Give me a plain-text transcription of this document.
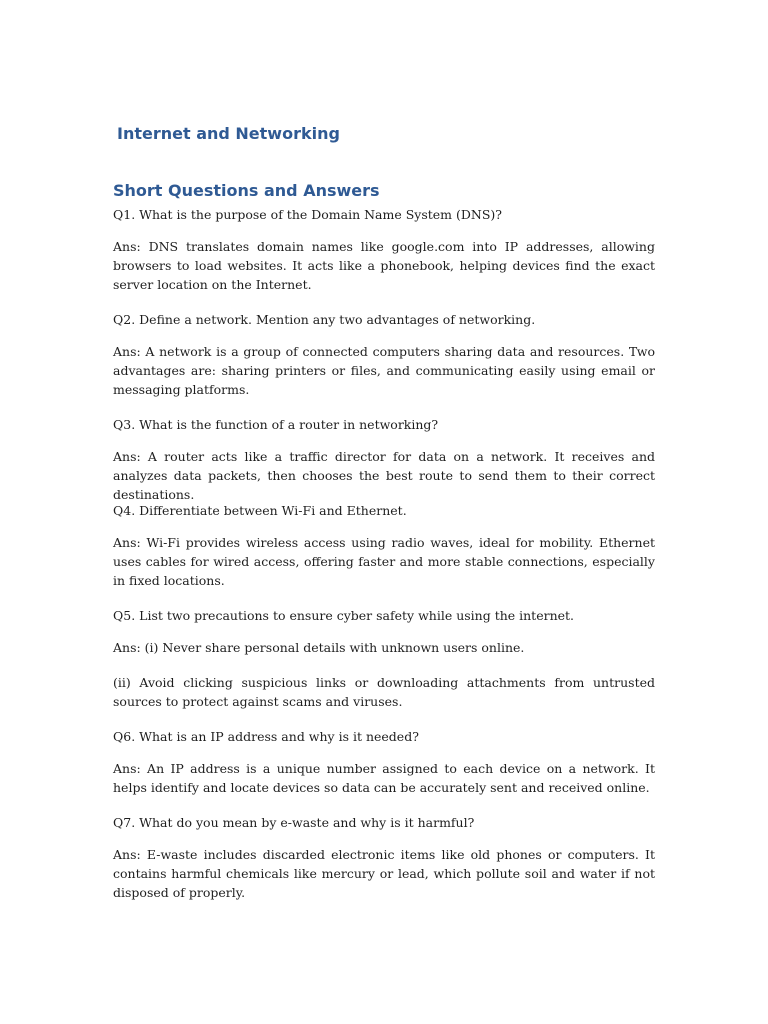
Internet and Networking
Short Questions and Answers

Q1. What is the purpose of the Domain Name System (DNS)?

Ans: DNS translates domain names like google.com into IP addresses, allowing browsers to load websites. It acts like a phonebook, helping devices find the exact server location on the Internet.

Q2. Define a network. Mention any two advantages of networking.

Ans: A network is a group of connected computers sharing data and resources. Two advantages are: sharing printers or files, and communicating easily using email or messaging platforms.

Q3. What is the function of a router in networking?

Ans: A router acts like a traffic director for data on a network. It receives and analyzes data packets, then chooses the best route to send them to their correct destinations.

Q4. Differentiate between Wi-Fi and Ethernet.

Ans: Wi-Fi provides wireless access using radio waves, ideal for mobility. Ethernet uses cables for wired access, offering faster and more stable connections, especially in fixed locations.

Q5. List two precautions to ensure cyber safety while using the internet.

Ans: (i) Never share personal details with unknown users online.

(ii) Avoid clicking suspicious links or downloading attachments from untrusted sources to protect against scams and viruses.

Q6. What is an IP address and why is it needed?

Ans: An IP address is a unique number assigned to each device on a network. It helps identify and locate devices so data can be accurately sent and received online.

Q7. What do you mean by e-waste and why is it harmful?

Ans: E-waste includes discarded electronic items like old phones or computers. It contains harmful chemicals like mercury or lead, which pollute soil and water if not disposed of properly.
